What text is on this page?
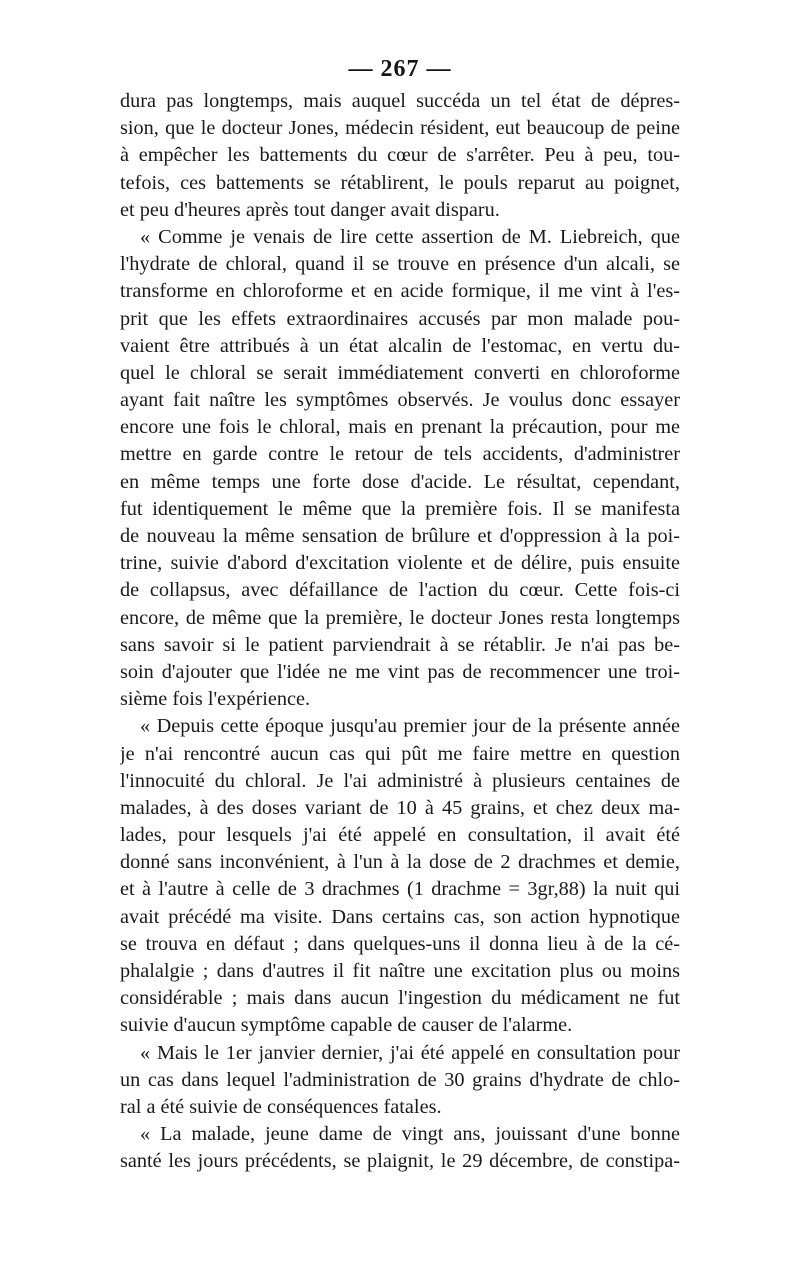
— 267 —
dura pas longtemps, mais auquel succéda un tel état de dépres-
sion, que le docteur Jones, médecin résident, eut beaucoup de peine
à empêcher les battements du cœur de s'arrêter. Peu à peu, tou-
tefois, ces battements se rétablirent, le pouls reparut au poignet,
et peu d'heures après tout danger avait disparu.
« Comme je venais de lire cette assertion de M. Liebreich, que
l'hydrate de chloral, quand il se trouve en présence d'un alcali, se
transforme en chloroforme et en acide formique, il me vint à l'es-
prit que les effets extraordinaires accusés par mon malade pou-
vaient être attribués à un état alcalin de l'estomac, en vertu du-
quel le chloral se serait immédiatement converti en chloroforme
ayant fait naître les symptômes observés. Je voulus donc essayer
encore une fois le chloral, mais en prenant la précaution, pour me
mettre en garde contre le retour de tels accidents, d'administrer
en même temps une forte dose d'acide. Le résultat, cependant,
fut identiquement le même que la première fois. Il se manifesta
de nouveau la même sensation de brûlure et d'oppression à la poi-
trine, suivie d'abord d'excitation violente et de délire, puis ensuite
de collapsus, avec défaillance de l'action du cœur. Cette fois-ci
encore, de même que la première, le docteur Jones resta longtemps
sans savoir si le patient parviendrait à se rétablir. Je n'ai pas be-
soin d'ajouter que l'idée ne me vint pas de recommencer une troi-
sième fois l'expérience.
« Depuis cette époque jusqu'au premier jour de la présente année
je n'ai rencontré aucun cas qui pût me faire mettre en question
l'innocuité du chloral. Je l'ai administré à plusieurs centaines de
malades, à des doses variant de 10 à 45 grains, et chez deux ma-
lades, pour lesquels j'ai été appelé en consultation, il avait été
donné sans inconvénient, à l'un à la dose de 2 drachmes et demie,
et à l'autre à celle de 3 drachmes (1 drachme = 3gr,88) la nuit qui
avait précédé ma visite. Dans certains cas, son action hypnotique
se trouva en défaut ; dans quelques-uns il donna lieu à de la cé-
phalalgie ; dans d'autres il fit naître une excitation plus ou moins
considérable ; mais dans aucun l'ingestion du médicament ne fut
suivie d'aucun symptôme capable de causer de l'alarme.
« Mais le 1er janvier dernier, j'ai été appelé en consultation pour
un cas dans lequel l'administration de 30 grains d'hydrate de chlo-
ral a été suivie de conséquences fatales.
« La malade, jeune dame de vingt ans, jouissant d'une bonne
santé les jours précédents, se plaignit, le 29 décembre, de constipa-
